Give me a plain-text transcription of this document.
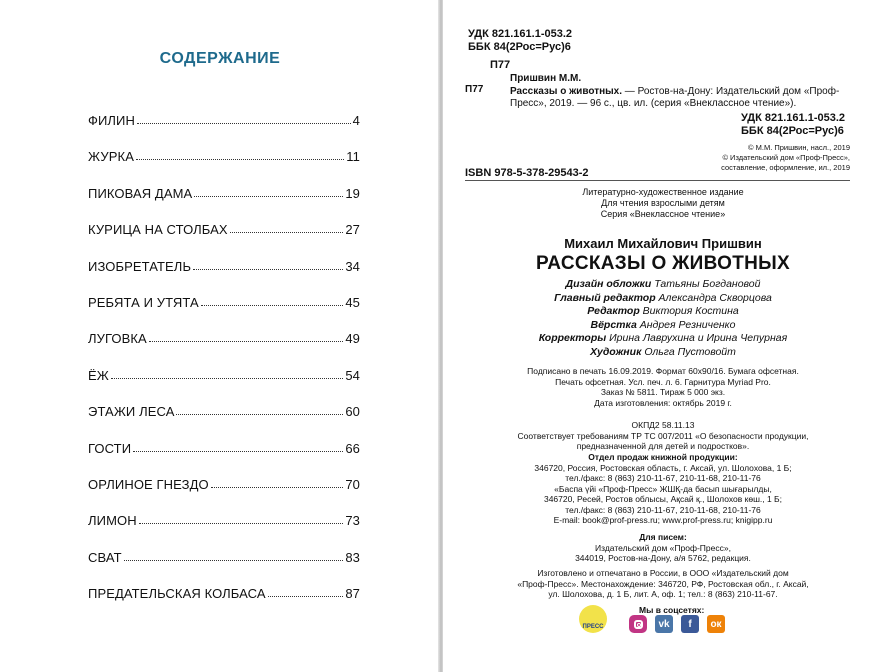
СОДЕРЖАНИЕ
ФИЛИН	4
ЖУРКА	11
ПИКОВАЯ ДАМА	19
КУРИЦА НА СТОЛБАХ	27
ИЗОБРЕТАТЕЛЬ	34
РЕБЯТА И УТЯТА	45
ЛУГОВКА	49
ЁЖ	54
ЭТАЖИ ЛЕСА	60
ГОСТИ	66
ОРЛИНОЕ ГНЕЗДО	70
ЛИМОН	73
СВАТ	83
ПРЕДАТЕЛЬСКАЯ КОЛБАСА	87
УДК 821.161.1-053.2
ББК 84(2Рос=Рус)6
П77
П77
Пришвин М.М.
Рассказы о животных. — Ростов-на-Дону: Издательский дом «Проф-Пресс», 2019. — 96 с., цв. ил. (серия «Внеклассное чтение»).
УДК 821.161.1-053.2
ББК 84(2Рос=Рус)6
© М.М. Пришвин, насл., 2019
© Издательский дом «Проф-Пресс»,
составление, оформление, ил., 2019
ISBN 978-5-378-29543-2
Литературно-художественное издание
Для чтения взрослыми детям
Серия «Внеклассное чтение»
Михаил Михайлович Пришвин
РАССКАЗЫ О ЖИВОТНЫХ
Дизайн обложки Татьяны Богдановой
Главный редактор Александра Скворцова
Редактор Виктория Костина
Вёрстка Андрея Резниченко
Корректоры Ирина Лаврухина и Ирина Чепурная
Художник Ольга Пустовойт
Подписано в печать 16.09.2019. Формат 60х90/16. Бумага офсетная.
Печать офсетная. Усл. печ. л. 6. Гарнитура Myriad Pro.
Заказ № 5811. Тираж 5 000 экз.
Дата изготовления: октябрь 2019 г.
ОКПД2 58.11.13
Соответствует требованиям ТР ТС 007/2011 «О безопасности продукции,
предназначенной для детей и подростков».
Отдел продаж книжной продукции:
346720, Россия, Ростовская область, г. Аксай, ул. Шолохова, 1 Б;
тел./факс: 8 (863) 210-11-67, 210-11-68, 210-11-76
«Баспа үйі «Проф-Пресс» ЖШҚ-да басып шығарылды,
346720, Ресей, Ростов облысы, Ақсай қ., Шолохов көш., 1 Б;
тел./факс: 8 (863) 210-11-67, 210-11-68, 210-11-76
E-mail: book@prof-press.ru; www.prof-press.ru; knigipp.ru
Для писем:
Издательский дом «Проф-Пресс»,
344019, Ростов-на-Дону, а/я 5762, редакция.
Изготовлено и отпечатано в России, в ООО «Издательский дом
«Проф-Пресс». Местонахождение: 346720, РФ, Ростовская обл., г. Аксай,
ул. Шолохова, д. 1 Б, лит. А, оф. 1; тел.: 8 (863) 210-11-67.
ПРЕСС
Мы в соцсетях:
vk	f	ок
